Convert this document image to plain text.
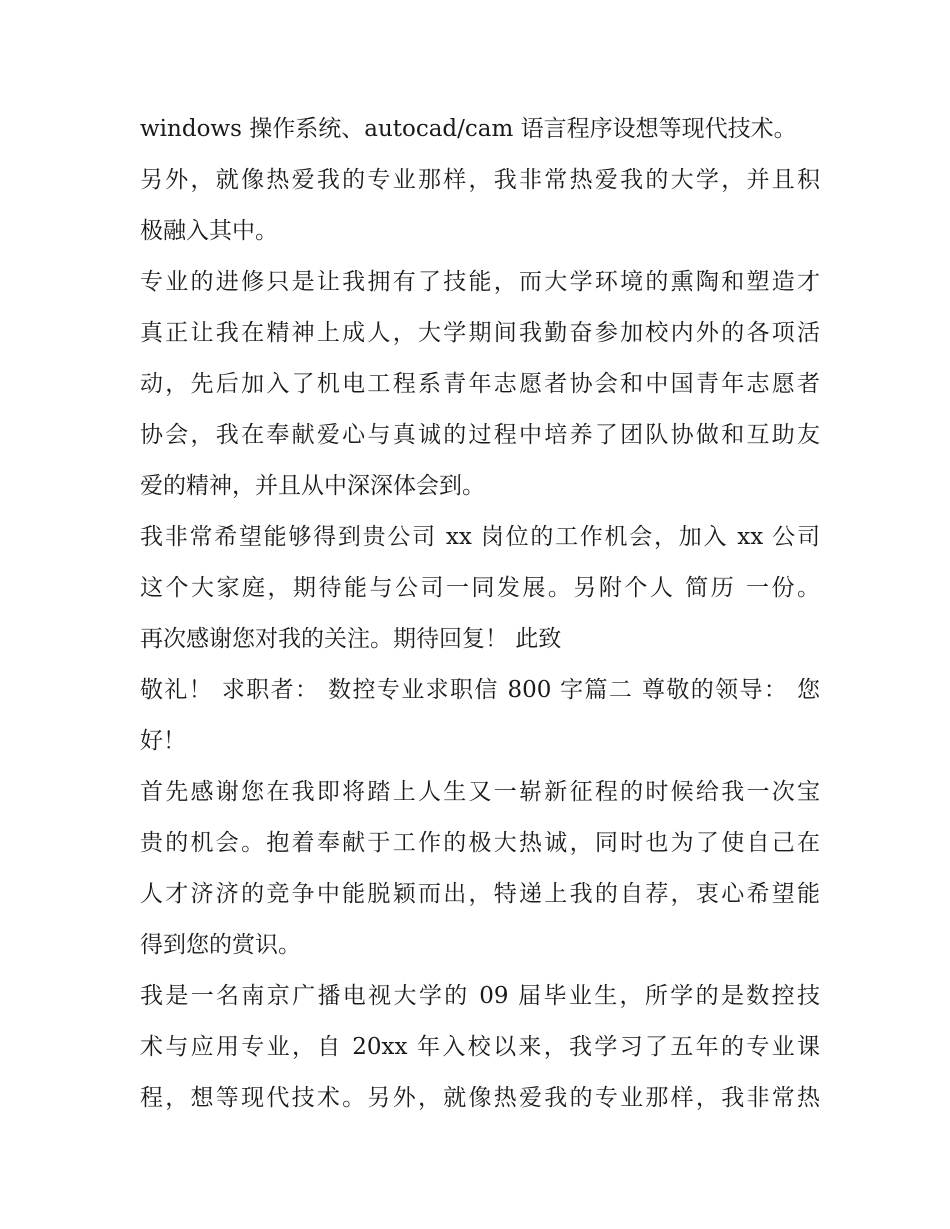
windows 操作系统、autocad/cam 语言程序设想等现代技术。
另外，就像热爱我的专业那样，我非常热爱我的大学，并且积
极融入其中。
专业的进修只是让我拥有了技能，而大学环境的熏陶和塑造才
真正让我在精神上成人，大学期间我勤奋参加校内外的各项活
动，先后加入了机电工程系青年志愿者协会和中国青年志愿者
协会，我在奉献爱心与真诚的过程中培养了团队协做和互助友
爱的精神，并且从中深深体会到。
我非常希望能够得到贵公司 xx 岗位的工作机会，加入 xx 公司
这个大家庭，期待能与公司一同发展。另附个人 简历 一份。
再次感谢您对我的关注。期待回复！ 此致
敬礼！ 求职者： 数控专业求职信 800 字篇二 尊敬的领导： 您
好！
首先感谢您在我即将踏上人生又一崭新征程的时候给我一次宝
贵的机会。抱着奉献于工作的极大热诚，同时也为了使自己在
人才济济的竞争中能脱颖而出，特递上我的自荐，衷心希望能
得到您的赏识。
我是一名南京广播电视大学的 09 届毕业生，所学的是数控技
术与应用专业，自 20xx 年入校以来，我学习了五年的专业课
程，想等现代技术。另外，就像热爱我的专业那样，我非常热
